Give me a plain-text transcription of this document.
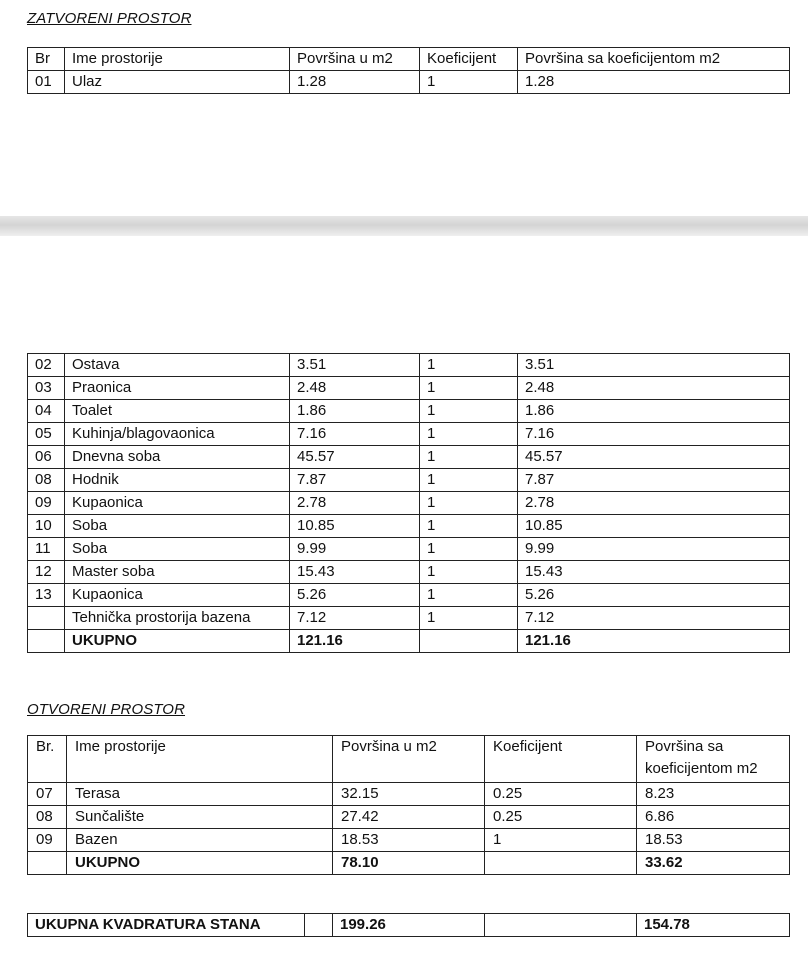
ZATVORENI PROSTOR
Br	Ime prostorije	Površina u m2	Koeficijent	Površina sa koeficijentom m2
01	Ulaz	1.28	1	1.28
02	Ostava	3.51	1	3.51
03	Praonica	2.48	1	2.48
04	Toalet	1.86	1	1.86
05	Kuhinja/blagovaonica	7.16	1	7.16
06	Dnevna soba	45.57	1	45.57
08	Hodnik	7.87	1	7.87
09	Kupaonica	2.78	1	2.78
10	Soba	10.85	1	10.85
11	Soba	9.99	1	9.99
12	Master soba	15.43	1	15.43
13	Kupaonica	5.26	1	5.26
	Tehnička prostorija bazena	7.12	1	7.12
	UKUPNO	121.16		121.16
OTVORENI PROSTOR
Br.	Ime prostorije	Površina u m2	Koeficijent	Površina sa koeficijentom m2
07	Terasa	32.15	0.25	8.23
08	Sunčalište	27.42	0.25	6.86
09	Bazen	18.53	1	18.53
	UKUPNO	78.10		33.62
UKUPNA KVADRATURA STANA		199.26		154.78
